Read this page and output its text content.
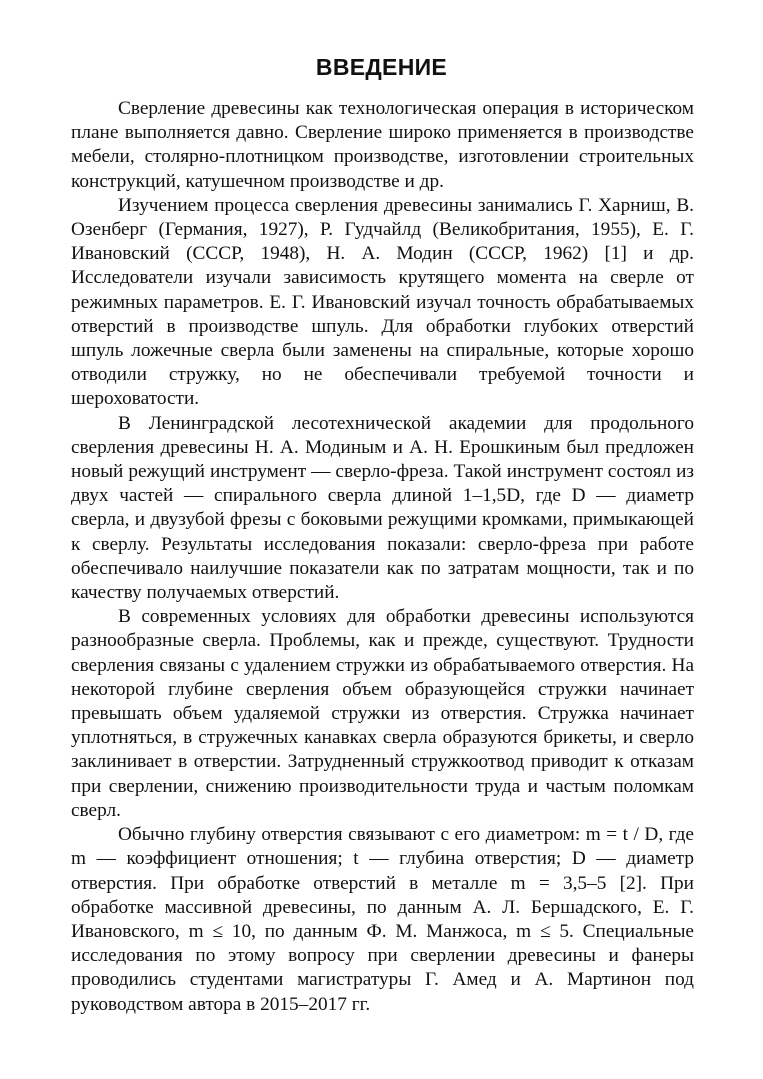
ВВЕДЕНИЕ

Сверление древесины как технологическая операция в историческом плане выполняется давно. Сверление широко применяется в производстве мебели, столярно-плотницком производстве, изготовлении строительных конструкций, катушечном производстве и др.

Изучением процесса сверления древесины занимались Г. Харниш, В. Озенберг (Германия, 1927), Р. Гудчайлд (Великобритания, 1955), Е. Г. Ивановский (СССР, 1948), Н. А. Модин (СССР, 1962) [1] и др. Исследователи изучали зависимость крутящего момента на сверле от режимных параметров. Е. Г. Ивановский изучал точность обрабатываемых отверстий в производстве шпуль. Для обработки глубоких отверстий шпуль ложечные сверла были заменены на спиральные, которые хорошо отводили стружку, но не обеспечивали требуемой точности и шероховатости.

В Ленинградской лесотехнической академии для продольного сверления древесины Н. А. Модиным и А. Н. Ерошкиным был предложен новый режущий инструмент — сверло-фреза. Такой инструмент состоял из двух частей — спирального сверла длиной 1–1,5D, где D — диаметр сверла, и двузубой фрезы с боковыми режущими кромками, примыкающей к сверлу. Результаты исследования показали: сверло-фреза при работе обеспечивало наилучшие показатели как по затратам мощности, так и по качеству получаемых отверстий.

В современных условиях для обработки древесины используются разнообразные сверла. Проблемы, как и прежде, существуют. Трудности сверления связаны с удалением стружки из обрабатываемого отверстия. На некоторой глубине сверления объем образующейся стружки начинает превышать объем удаляемой стружки из отверстия. Стружка начинает уплотняться, в стружечных канавках сверла образуются брикеты, и сверло заклинивает в отверстии. Затрудненный стружкоотвод приводит к отказам при сверлении, снижению производительности труда и частым поломкам сверл.

Обычно глубину отверстия связывают с его диаметром: m = t / D, где m — коэффициент отношения; t — глубина отверстия; D — диаметр отверстия. При обработке отверстий в металле m = 3,5–5 [2]. При обработке массивной древесины, по данным А. Л. Бершадского, Е. Г. Ивановского, m ≤ 10, по данным Ф. М. Манжоса, m ≤ 5. Специальные исследования по этому вопросу при сверлении древесины и фанеры проводились студентами магистратуры Г. Амед и А. Мартинон под руководством автора в 2015–2017 гг.
